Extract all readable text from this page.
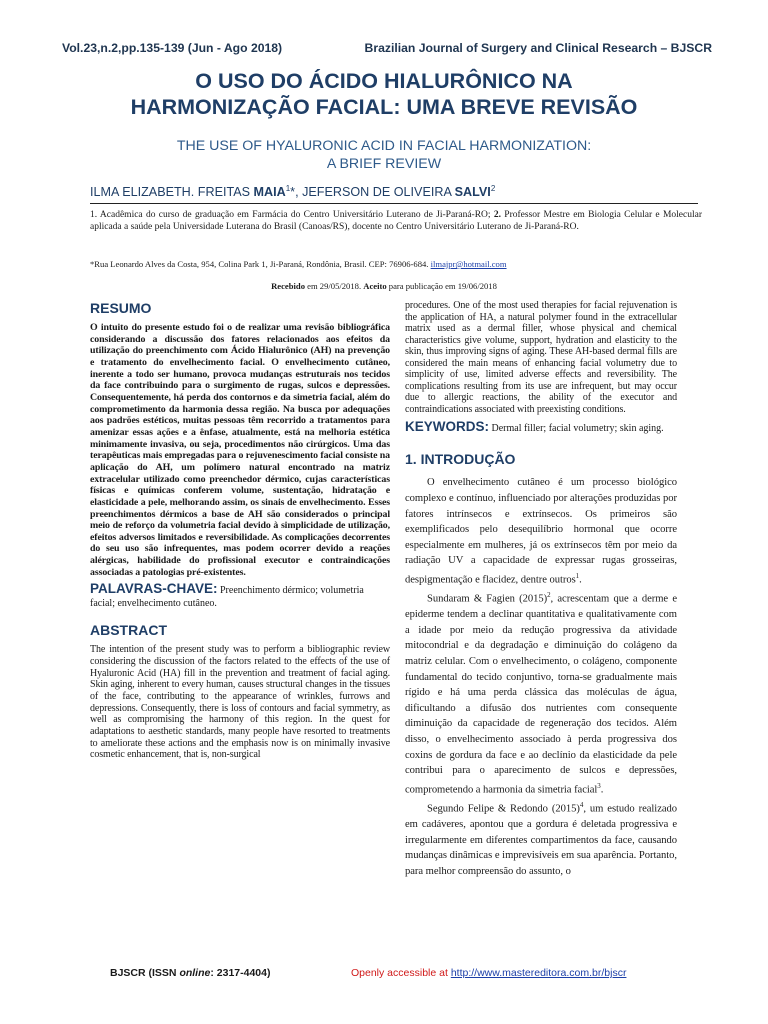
Vol.23,n.2,pp.135-139 (Jun - Ago 2018)	Brazilian Journal of Surgery and Clinical Research – BJSCR
O USO DO ÁCIDO HIALURÔNICO NA
HARMONIZAÇÃO FACIAL: UMA BREVE REVISÃO
THE USE OF HYALURONIC ACID IN FACIAL HARMONIZATION:
A BRIEF REVIEW
ILMA ELIZABETH. FREITAS MAIA$^1$*, JEFERSON DE OLIVEIRA SALVI$^2$
1. Acadêmica do curso de graduação em Farmácia do Centro Universitário Luterano de Ji-Paraná-RO; 2. Professor Mestre em Biologia Celular e Molecular aplicada a saúde pela Universidade Luterana do Brasil (Canoas/RS), docente no Centro Universitário Luterano de Ji-Paraná-RO.
*Rua Leonardo Alves da Costa, 954, Colina Park 1, Ji-Paraná, Rondônia, Brasil. CEP: 76906-684. ilmajpr@hotmail.com
Recebido em 29/05/2018. Aceito para publicação em 19/06/2018
RESUMO

O intuito do presente estudo foi o de realizar uma revisão bibliográfica considerando a discussão dos fatores relacionados aos efeitos da utilização do preenchimento com Ácido Hialurônico (AH) na prevenção e tratamento do envelhecimento facial. O envelhecimento cutâneo, inerente a todo ser humano, provoca mudanças estruturais nos tecidos da face contribuindo para o surgimento de rugas, sulcos e depressões. Consequentemente, há perda dos contornos e da simetria facial, além do comprometimento da harmonia dessa região. Na busca por adequações aos padrões estéticos, muitas pessoas têm recorrido a tratamentos para amenizar essas ações e a ênfase, atualmente, está na melhoria estética minimamente invasiva, ou seja, procedimentos não cirúrgicos. Uma das terapêuticas mais empregadas para o rejuvenescimento facial consiste na aplicação do AH, um polímero natural encontrado na matriz extracelular utilizado como preenchedor dérmico, cujas características físicas e químicas conferem volume, sustentação, hidratação e elasticidade a pele, melhorando assim, os sinais de envelhecimento. Esses preenchimentos dérmicos a base de AH são considerados o principal meio de reforço da volumetria facial devido à simplicidade de utilização, efeitos adversos limitados e reversibilidade. As complicações decorrentes do seu uso são infrequentes, mas podem ocorrer devido a reações alérgicas, habilidade do profissional executor e contraindicações associadas a patologias pré-existentes.

PALAVRAS-CHAVE: Preenchimento dérmico; volumetria facial; envelhecimento cutâneo.

ABSTRACT

The intention of the present study was to perform a bibliographic review considering the discussion of the factors related to the effects of the use of Hyaluronic Acid (HA) fill in the prevention and treatment of facial aging. Skin aging, inherent to every human, causes structural changes in the tissues of the face, contributing to the appearance of wrinkles, furrows and depressions. Consequently, there is loss of contours and facial symmetry, as well as compromising the harmony of this region. In the quest for adaptations to aesthetic standards, many people have resorted to treatments to ameliorate these actions and the emphasis now is on minimally invasive cosmetic enhancement, that is, non-surgical

procedures. One of the most used therapies for facial rejuvenation is the application of HA, a natural polymer found in the extracellular matrix used as a dermal filler, whose physical and chemical characteristics give volume, support, hydration and elasticity to the skin, thus improving signs of aging. These AH-based dermal fills are considered the main means of enhancing facial volumetry due to simplicity of use, limited adverse effects and reversibility. The complications resulting from its use are infrequent, but may occur due to allergic reactions, the ability of the executor and contraindications associated with preexisting conditions.

KEYWORDS: Dermal filler; facial volumetry; skin aging.

1. INTRODUÇÃO

O envelhecimento cutâneo é um processo biológico complexo e contínuo, influenciado por alterações produzidas por fatores intrínsecos e extrínsecos. Os primeiros são exemplificados pelo desequilíbrio hormonal que ocorre especialmente em mulheres, já os extrínsecos têm por meio da radiação UV a capacidade de expressar rugas grosseiras, despigmentação e flacidez, dentre outros$^1$.

Sundaram & Fagien $(2015)^2$, acrescentam que a derme e epiderme tendem a declinar quantitativa e qualitativamente com a idade por meio da redução progressiva da atividade mitocondrial e da degradação e diminuição do colágeno da matriz celular. Com o envelhecimento, o colágeno, componente fundamental do tecido conjuntivo, torna-se gradualmente mais rígido e há uma perda clássica das moléculas de água, dificultando a difusão dos nutrientes com consequente diminuição da capacidade de regeneração dos tecidos. Além disso, o envelhecimento associado à perda progressiva dos coxins de gordura da face e ao declínio da elasticidade da pele contribui para o aparecimento de sulcos e depressões, comprometendo a harmonia da simetria facial$^3$.

Segundo Felipe & Redondo $(2015)^4$, um estudo realizado em cadáveres, apontou que a gordura é deletada progressiva e irregularmente em diferentes compartimentos da face, causando mudanças dinâmicas e imprevisíveis em sua aparência. Portanto, para melhor compreensão do assunto, o

BJSCR (ISSN online: 2317-4404)	Openly accessible at http://www.mastereditora.com.br/bjscr
